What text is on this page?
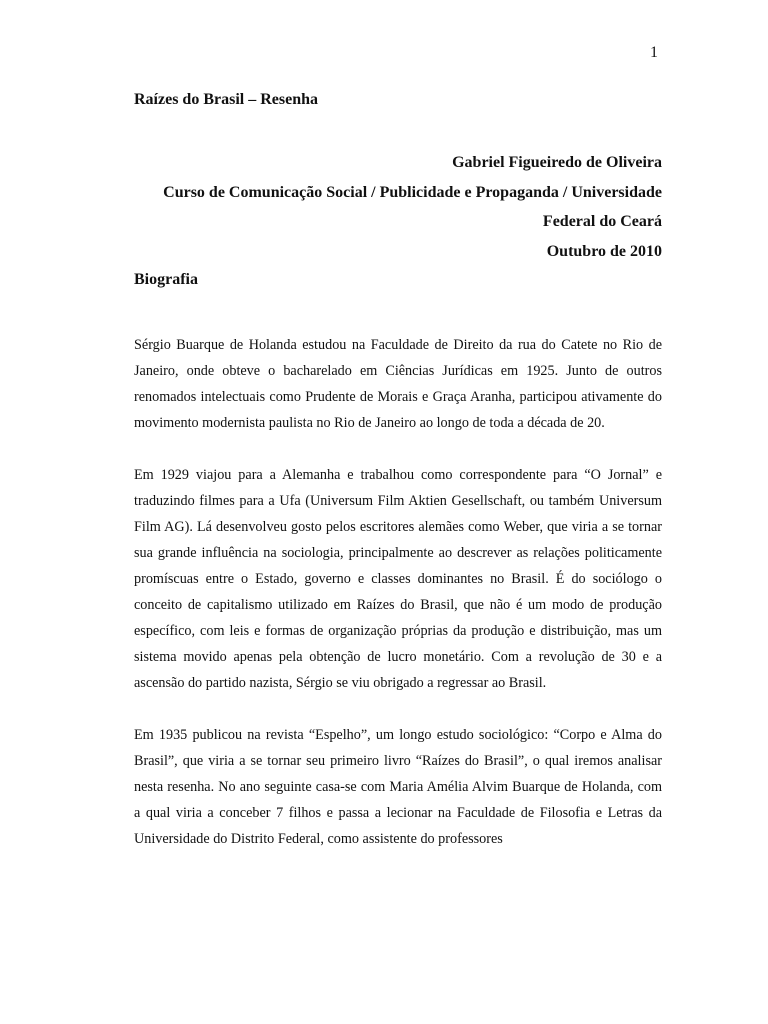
1
Raízes do Brasil – Resenha
Gabriel Figueiredo de Oliveira
Curso de Comunicação Social / Publicidade e Propaganda / Universidade
Federal do Ceará
Outubro de 2010
Biografia

Sérgio Buarque de Holanda estudou na Faculdade de Direito da rua do Catete no Rio de Janeiro, onde obteve o bacharelado em Ciências Jurídicas em 1925. Junto de outros renomados intelectuais como Prudente de Morais e Graça Aranha, participou ativamente do movimento modernista paulista no Rio de Janeiro ao longo de toda a década de 20.

Em 1929 viajou para a Alemanha e trabalhou como correspondente para “O Jornal” e traduzindo filmes para a Ufa (Universum Film Aktien Gesellschaft, ou também Universum Film AG). Lá desenvolveu gosto pelos escritores alemães como Weber, que viria a se tornar sua grande influência na sociologia, principalmente ao descrever as relações politicamente promíscuas entre o Estado, governo e classes dominantes no Brasil. É do sociólogo o conceito de capitalismo utilizado em Raízes do Brasil, que não é um modo de produção específico, com leis e formas de organização próprias da produção e distribuição, mas um sistema movido apenas pela obtenção de lucro monetário. Com a revolução de 30 e a ascensão do partido nazista, Sérgio se viu obrigado a regressar ao Brasil.

Em 1935 publicou na revista “Espelho”, um longo estudo sociológico: “Corpo e Alma do Brasil”, que viria a se tornar seu primeiro livro “Raízes do Brasil”, o qual iremos analisar nesta resenha. No ano seguinte casa-se com Maria Amélia Alvim Buarque de Holanda, com a qual viria a conceber 7 filhos e passa a lecionar na Faculdade de Filosofia e Letras da Universidade do Distrito Federal, como assistente do professores
